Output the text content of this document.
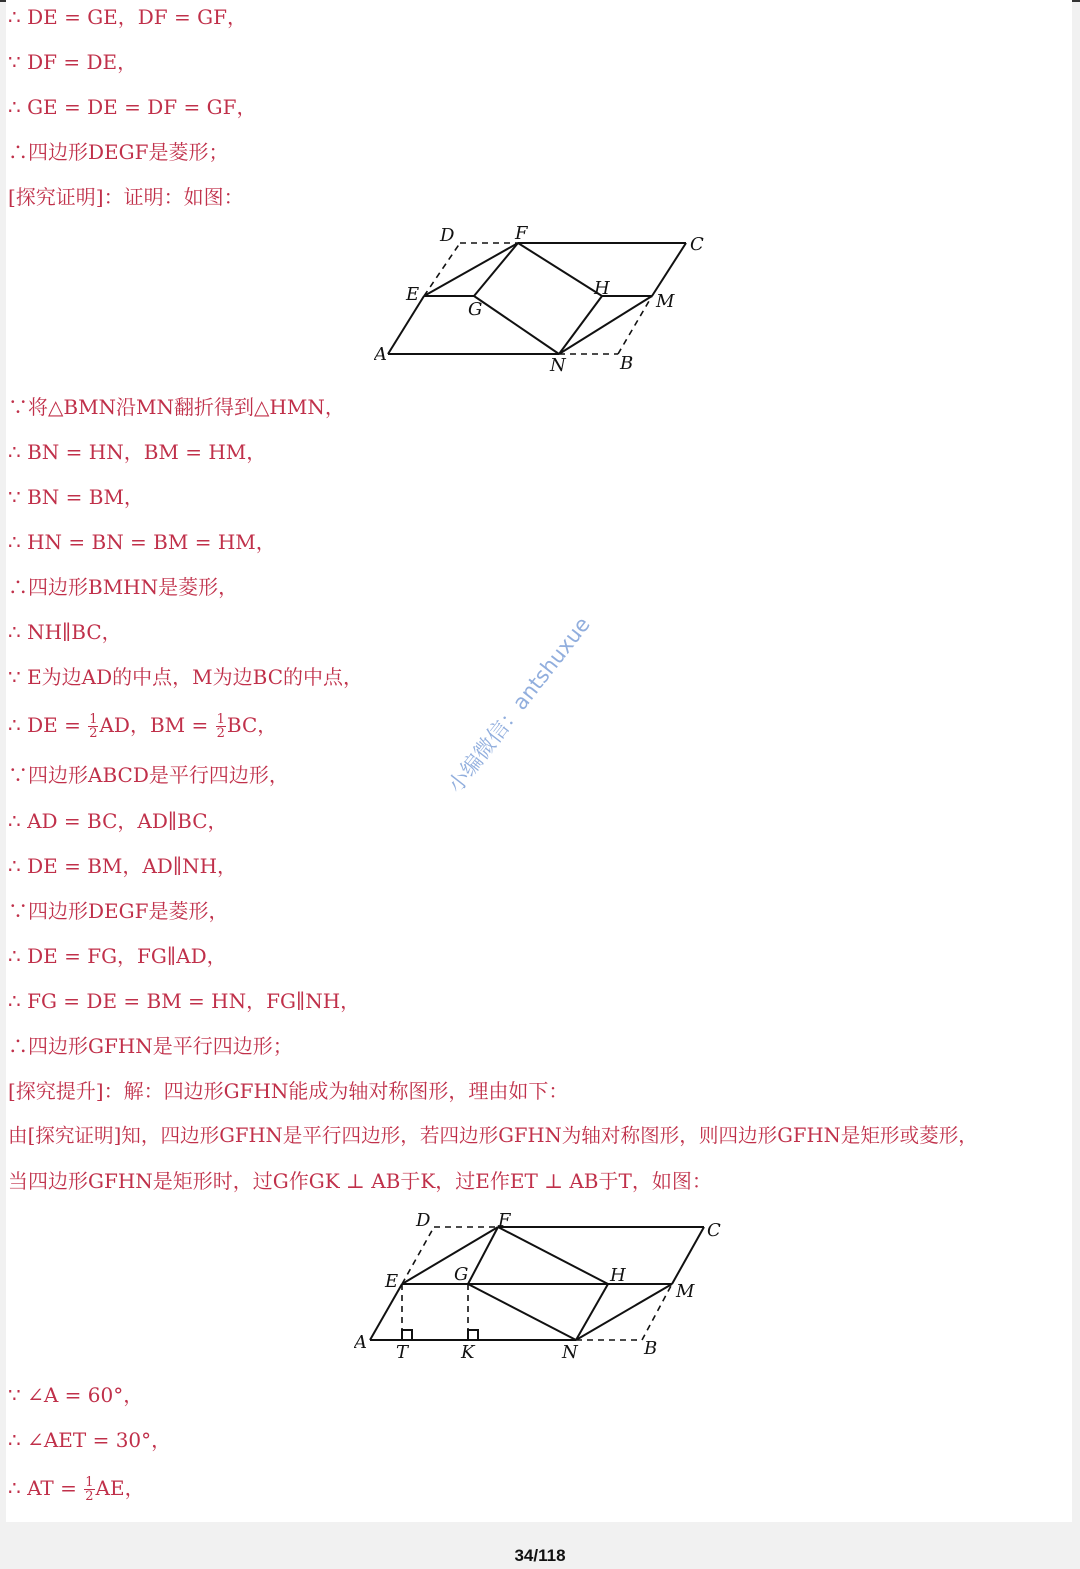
∴ DE = GE，DF = GF，
∵ DF = DE，
∴ GE = DE = DF = GF，
∴四边形DEGF是菱形；
[探究证明]：证明：如图：
D	F
C
E
G
H
M
A
N	B
∵将△BMN沿MN翻折得到△HMN，
∴ BN = HN，BM = HM，
∵ BN = BM，
∴ HN = BN = BM = HM，
∴四边形BMHN是菱形，
∴ NH∥BC，
∵ E为边AD的中点，M为边BC的中点，
∴ DE = $\frac{1}{2}$ AD，BM = $\frac{1}{2}$ BC，
∵四边形ABCD是平行四边形，
∴ AD = BC，AD∥BC，
∴ DE = BM，AD∥NH，
∵四边形DEGF是菱形，
∴ DE = FG，FG∥AD，
∴ FG = DE = BM = HN，FG∥NH，
∴四边形GFHN是平行四边形；
[探究提升]：解：四边形GFHN能成为轴对称图形，理由如下：
由[探究证明]知，四边形GFHN是平行四边形，若四边形GFHN为轴对称图形，则四边形GFHN是矩形或菱形，
当四边形GFHN是矩形时，过G作GK ⊥ AB于K，过E作ET ⊥ AB于T，如图：
D	F	C
E	G	H
M
A T	K	N	B
∵ ∠A = 60°，
∴ ∠AET = 30°，
∴ AT = $\frac{1}{2}$ AE，
小编微信：antshuxue
34/118
